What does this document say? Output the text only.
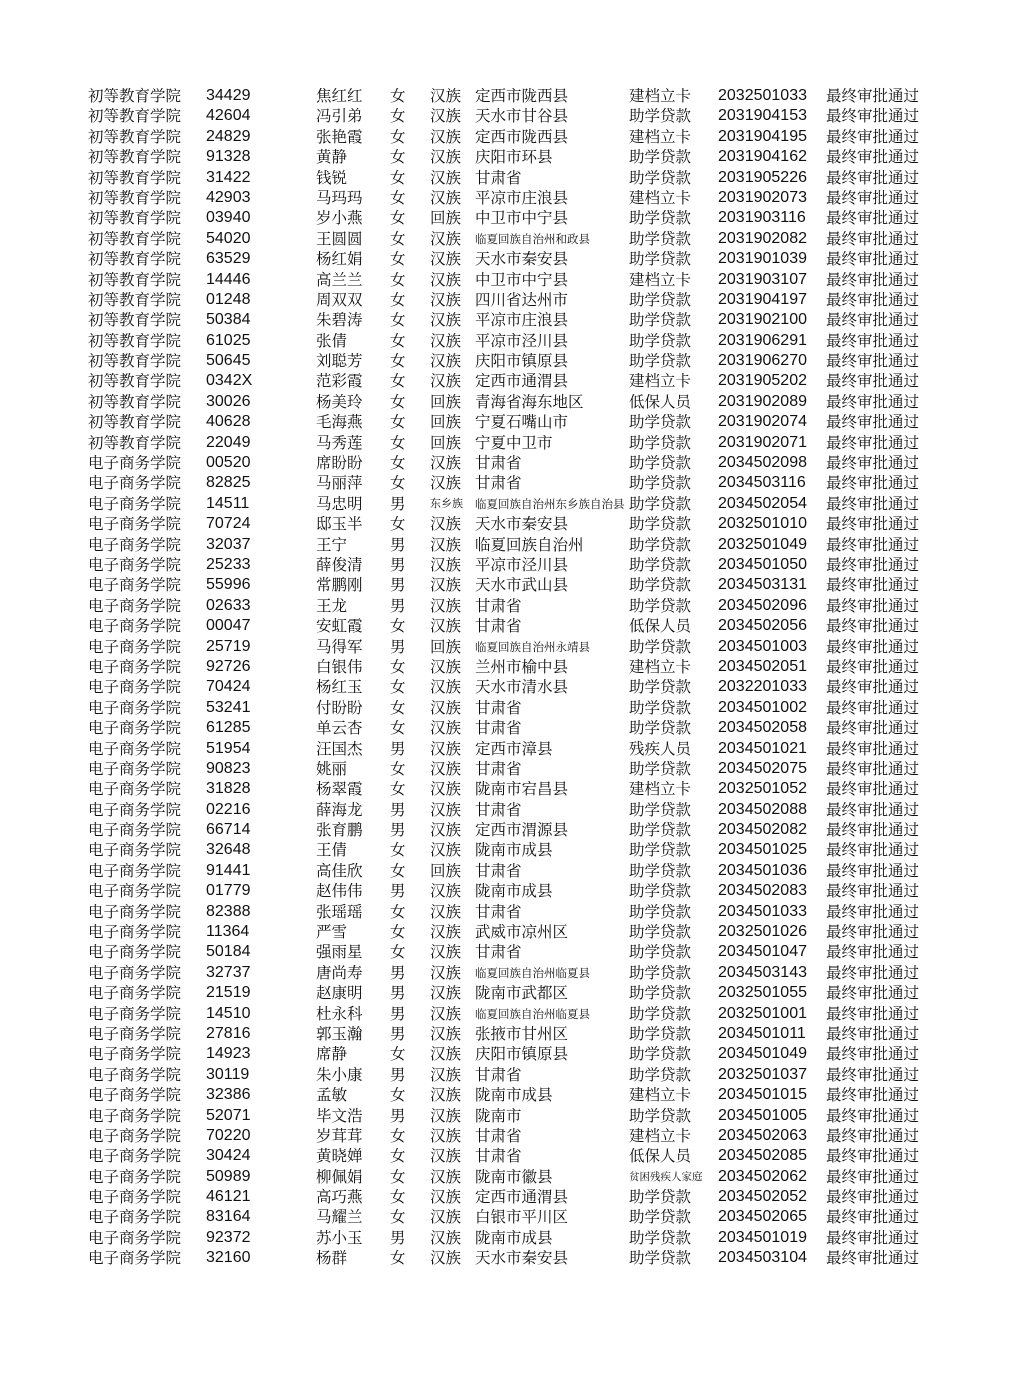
初等教育学院 34429	焦红红 女 汉族 定西市陇西县	建档立卡 2032501033 最终审批通过
初等教育学院 42604	冯引弟 女 汉族 天水市甘谷县	助学贷款 2031904153 最终审批通过
初等教育学院 24829	张艳霞 女 汉族 定西市陇西县	建档立卡 2031904195 最终审批通过
初等教育学院 91328	黄静	女 汉族 庆阳市环县	助学贷款 2031904162 最终审批通过
初等教育学院 31422	钱锐	女 汉族 甘肃省	助学贷款 2031905226 最终审批通过
初等教育学院 42903	马玛玛 女 汉族 平凉市庄浪县	建档立卡 2031902073 最终审批通过
初等教育学院 03940	岁小燕 女 回族 中卫市中宁县	助学贷款 2031903116 最终审批通过
初等教育学院 54020	王圆圆 女 汉族 临夏回族自治州和政县	助学贷款 2031902082 最终审批通过
初等教育学院 63529	杨红娟 女 汉族 天水市秦安县	助学贷款 2031901039 最终审批通过
初等教育学院 14446	高兰兰 女 汉族 中卫市中宁县	建档立卡 2031903107 最终审批通过
初等教育学院 01248	周双双 女 汉族 四川省达州市	助学贷款 2031904197 最终审批通过
初等教育学院 50384	朱碧涛 女 汉族 平凉市庄浪县	助学贷款 2031902100 最终审批通过
初等教育学院 61025	张倩	女 汉族 平凉市泾川县	助学贷款 2031906291 最终审批通过
初等教育学院 50645	刘聪芳 女 汉族 庆阳市镇原县	助学贷款 2031906270 最终审批通过
初等教育学院 0342X	范彩霞 女 汉族 定西市通渭县	建档立卡 2031905202 最终审批通过
初等教育学院 30026	杨美玲 女 回族 青海省海东地区	低保人员 2031902089 最终审批通过
初等教育学院 40628	毛海燕 女 回族 宁夏石嘴山市	助学贷款 2031902074 最终审批通过
初等教育学院 22049	马秀莲 女 回族 宁夏中卫市	助学贷款 2031902071 最终审批通过
电子商务学院 00520	席盼盼 女 汉族 甘肃省	助学贷款 2034502098 最终审批通过
电子商务学院 82825	马丽萍 女 汉族 甘肃省	助学贷款 2034503116 最终审批通过
电子商务学院 14511	马忠明 男 东乡族 临夏回族自治州东乡族自治县 助学贷款 2034502054 最终审批通过
电子商务学院 70724	邸玉半 女 汉族 天水市秦安县	助学贷款 2032501010 最终审批通过
电子商务学院 32037	王宁	男 汉族 临夏回族自治州	助学贷款 2032501049 最终审批通过
电子商务学院 25233	薛俊清 男 汉族 平凉市泾川县	助学贷款 2034501050 最终审批通过
电子商务学院 55996	常鹏刚 男 汉族 天水市武山县	助学贷款 2034503131 最终审批通过
电子商务学院 02633	王龙	男 汉族 甘肃省	助学贷款 2034502096 最终审批通过
电子商务学院 00047	安虹霞 女 汉族 甘肃省	低保人员 2034502056 最终审批通过
电子商务学院 25719	马得军 男 回族 临夏回族自治州永靖县	助学贷款 2034501003 最终审批通过
电子商务学院 92726	白银伟 女 汉族 兰州市榆中县	建档立卡 2034502051 最终审批通过
电子商务学院 70424	杨红玉 女 汉族 天水市清水县	助学贷款 2032201033 最终审批通过
电子商务学院 53241	付盼盼 女 汉族 甘肃省	助学贷款 2034501002 最终审批通过
电子商务学院 61285	单云杏 女 汉族 甘肃省	助学贷款 2034502058 最终审批通过
电子商务学院 51954	汪国杰 男 汉族 定西市漳县	残疾人员 2034501021 最终审批通过
电子商务学院 90823	姚丽	女 汉族 甘肃省	助学贷款 2034502075 最终审批通过
电子商务学院 31828	杨翠霞 女 汉族 陇南市宕昌县	建档立卡 2032501052 最终审批通过
电子商务学院 02216	薛海龙 男 汉族 甘肃省	助学贷款 2034502088 最终审批通过
电子商务学院 66714	张育鹏 男 汉族 定西市渭源县	助学贷款 2034502082 最终审批通过
电子商务学院 32648	王倩	女 汉族 陇南市成县	助学贷款 2034501025 最终审批通过
电子商务学院 91441	高佳欣 女 回族 甘肃省	助学贷款 2034501036 最终审批通过
电子商务学院 01779	赵伟伟 男 汉族 陇南市成县	助学贷款 2034502083 最终审批通过
电子商务学院 82388	张瑶瑶 女 汉族 甘肃省	助学贷款 2034501033 最终审批通过
电子商务学院 11364	严雪	女 汉族 武威市凉州区	助学贷款 2032501026 最终审批通过
电子商务学院 50184	强雨星 女 汉族 甘肃省	助学贷款 2034501047 最终审批通过
电子商务学院 32737	唐尚寿 男 汉族 临夏回族自治州临夏县	助学贷款 2034503143 最终审批通过
电子商务学院 21519	赵康明 男 汉族 陇南市武都区	助学贷款 2032501055 最终审批通过
电子商务学院 14510	杜永科 男 汉族 临夏回族自治州临夏县	助学贷款 2032501001 最终审批通过
电子商务学院 27816	郭玉瀚 男 汉族 张掖市甘州区	助学贷款 2034501011 最终审批通过
电子商务学院 14923	席静	女 汉族 庆阳市镇原县	助学贷款 2034501049 最终审批通过
电子商务学院 30119	朱小康 男 汉族 甘肃省	助学贷款 2032501037 最终审批通过
电子商务学院 32386	孟敏	女 汉族 陇南市成县	建档立卡 2034501015 最终审批通过
电子商务学院 52071	毕文浩 男 汉族 陇南市	助学贷款 2034501005 最终审批通过
电子商务学院 70220	岁茸茸 女 汉族 甘肃省	建档立卡 2034502063 最终审批通过
电子商务学院 30424	黄晓婵 女 汉族 甘肃省	低保人员 2034502085 最终审批通过
电子商务学院 50989	柳佩娟 女 汉族 陇南市徽县	贫困残疾人家庭 2034502062 最终审批通过
电子商务学院 46121	高巧燕 女 汉族 定西市通渭县	助学贷款 2034502052 最终审批通过
电子商务学院 83164	马耀兰 女 汉族 白银市平川区	助学贷款 2034502065 最终审批通过
电子商务学院 92372	苏小玉 男 汉族 陇南市成县	助学贷款 2034501019 最终审批通过
电子商务学院 32160	杨群	女 汉族 天水市秦安县	助学贷款 2034503104 最终审批通过
